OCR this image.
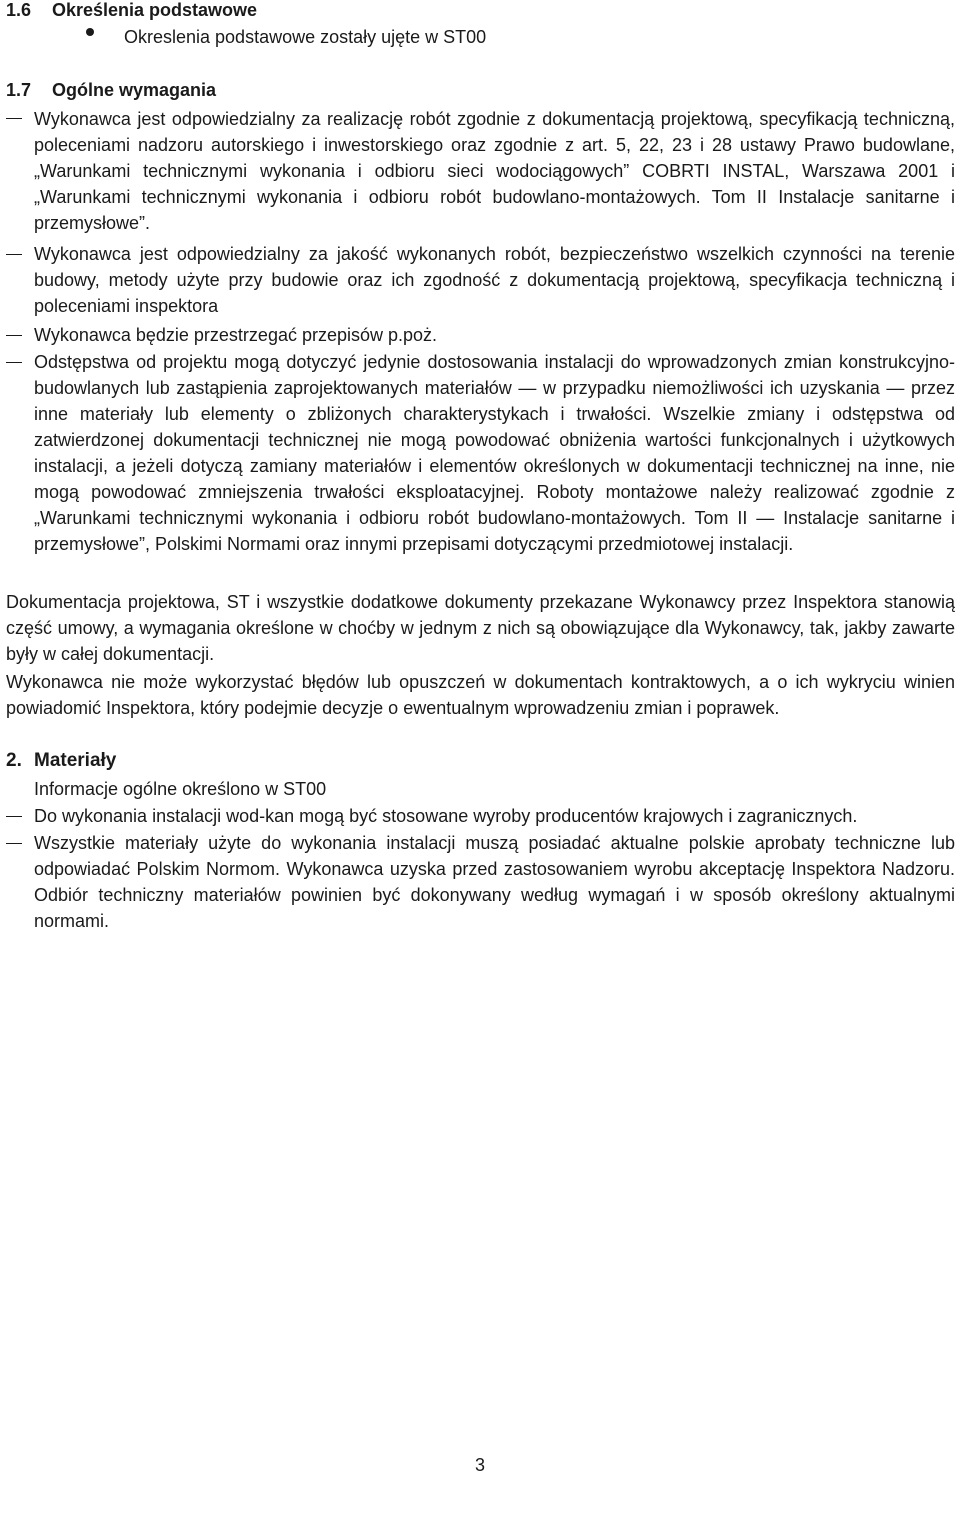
1.6 Określenia podstawowe

Okreslenia podstawowe zostały ujęte w ST00

1.7 Ogólne wymagania

Wykonawca jest odpowiedzialny za realizację robót zgodnie z dokumentacją projektową, specyfikacją techniczną, poleceniami nadzoru autorskiego i inwestorskiego oraz zgodnie z art. 5, 22, 23 i 28 ustawy Prawo budowlane, „Warunkami technicznymi wykonania i odbioru sieci wodociągowych” COBRTI INSTAL, Warszawa 2001 i „Warunkami technicznymi wykonania i odbioru robót budowlano-montażowych. Tom II Instalacje sanitarne i przemysłowe”.

Wykonawca jest odpowiedzialny za jakość wykonanych robót, bezpieczeństwo wszelkich czynności na terenie budowy, metody użyte przy budowie oraz ich zgodność z dokumentacją projektową, specyfikacja techniczną i poleceniami inspektora

Wykonawca będzie przestrzegać przepisów p.poż.

Odstępstwa od projektu mogą dotyczyć jedynie dostosowania instalacji do wprowadzonych zmian konstrukcyjno-budowlanych lub zastąpienia zaprojektowanych materiałów — w przypadku niemożliwości ich uzyskania — przez inne materiały lub elementy o zbliżonych charakterystykach i trwałości. Wszelkie zmiany i odstępstwa od zatwierdzonej dokumentacji technicznej nie mogą powodować obniżenia wartości funkcjonalnych i użytkowych instalacji, a jeżeli dotyczą zamiany materiałów i elementów określonych w dokumentacji technicznej na inne, nie mogą powodować zmniejszenia trwałości eksploatacyjnej. Roboty montażowe należy realizować zgodnie z „Warunkami technicznymi wykonania i odbioru robót budowlano-montażowych. Tom II — Instalacje sanitarne i przemysłowe”, Polskimi Normami oraz innymi przepisami dotyczącymi przedmiotowej instalacji.

Dokumentacja projektowa, ST i wszystkie dodatkowe dokumenty przekazane Wykonawcy przez Inspektora stanowią część umowy, a wymagania określone w choćby w jednym z nich są obowiązujące dla Wykonawcy, tak, jakby zawarte były w całej dokumentacji.

Wykonawca nie może wykorzystać błędów lub opuszczeń w dokumentach kontraktowych, a o ich wykryciu winien powiadomić Inspektora, który podejmie decyzje o ewentualnym wprowadzeniu zmian i poprawek.

2. Materiały

Informacje ogólne określono w ST00

Do wykonania instalacji wod-kan mogą być stosowane wyroby producentów krajowych i zagranicznych.

Wszystkie materiały użyte do wykonania instalacji muszą posiadać aktualne polskie aprobaty techniczne lub odpowiadać Polskim Normom. Wykonawca uzyska przed zastosowaniem wyrobu akceptację Inspektora Nadzoru. Odbiór techniczny materiałów powinien być dokonywany według wymagań i w sposób określony aktualnymi normami.

3
